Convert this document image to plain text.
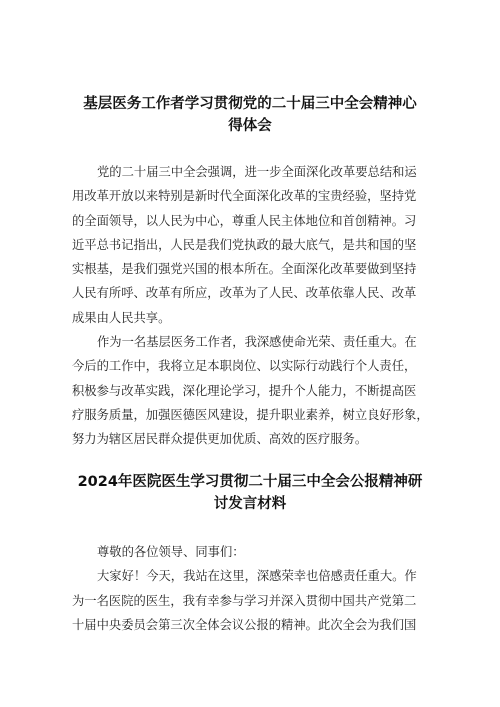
基层医务工作者学习贯彻党的二十届三中全会精神心
得体会
党的二十届三中全会强调，进一步全面深化改革要总结和运
用改革开放以来特别是新时代全面深化改革的宝贵经验，坚持党
的全面领导，以人民为中心，尊重人民主体地位和首创精神。习
近平总书记指出，人民是我们党执政的最大底气，是共和国的坚
实根基，是我们强党兴国的根本所在。全面深化改革要做到坚持
人民有所呼、改革有所应，改革为了人民、改革依靠人民、改革
成果由人民共享。
作为一名基层医务工作者，我深感使命光荣、责任重大。在
今后的工作中，我将立足本职岗位、以实际行动践行个人责任，
积极参与改革实践，深化理论学习，提升个人能力，不断提高医
疗服务质量，加强医德医风建设，提升职业素养，树立良好形象，
努力为辖区居民群众提供更加优质、高效的医疗服务。
2024年医院医生学习贯彻二十届三中全会公报精神研
讨发言材料
尊敬的各位领导、同事们：
大家好！今天，我站在这里，深感荣幸也倍感责任重大。作
为一名医院的医生，我有幸参与学习并深入贯彻中国共产党第二
十届中央委员会第三次全体会议公报的精神。此次全会为我们国
